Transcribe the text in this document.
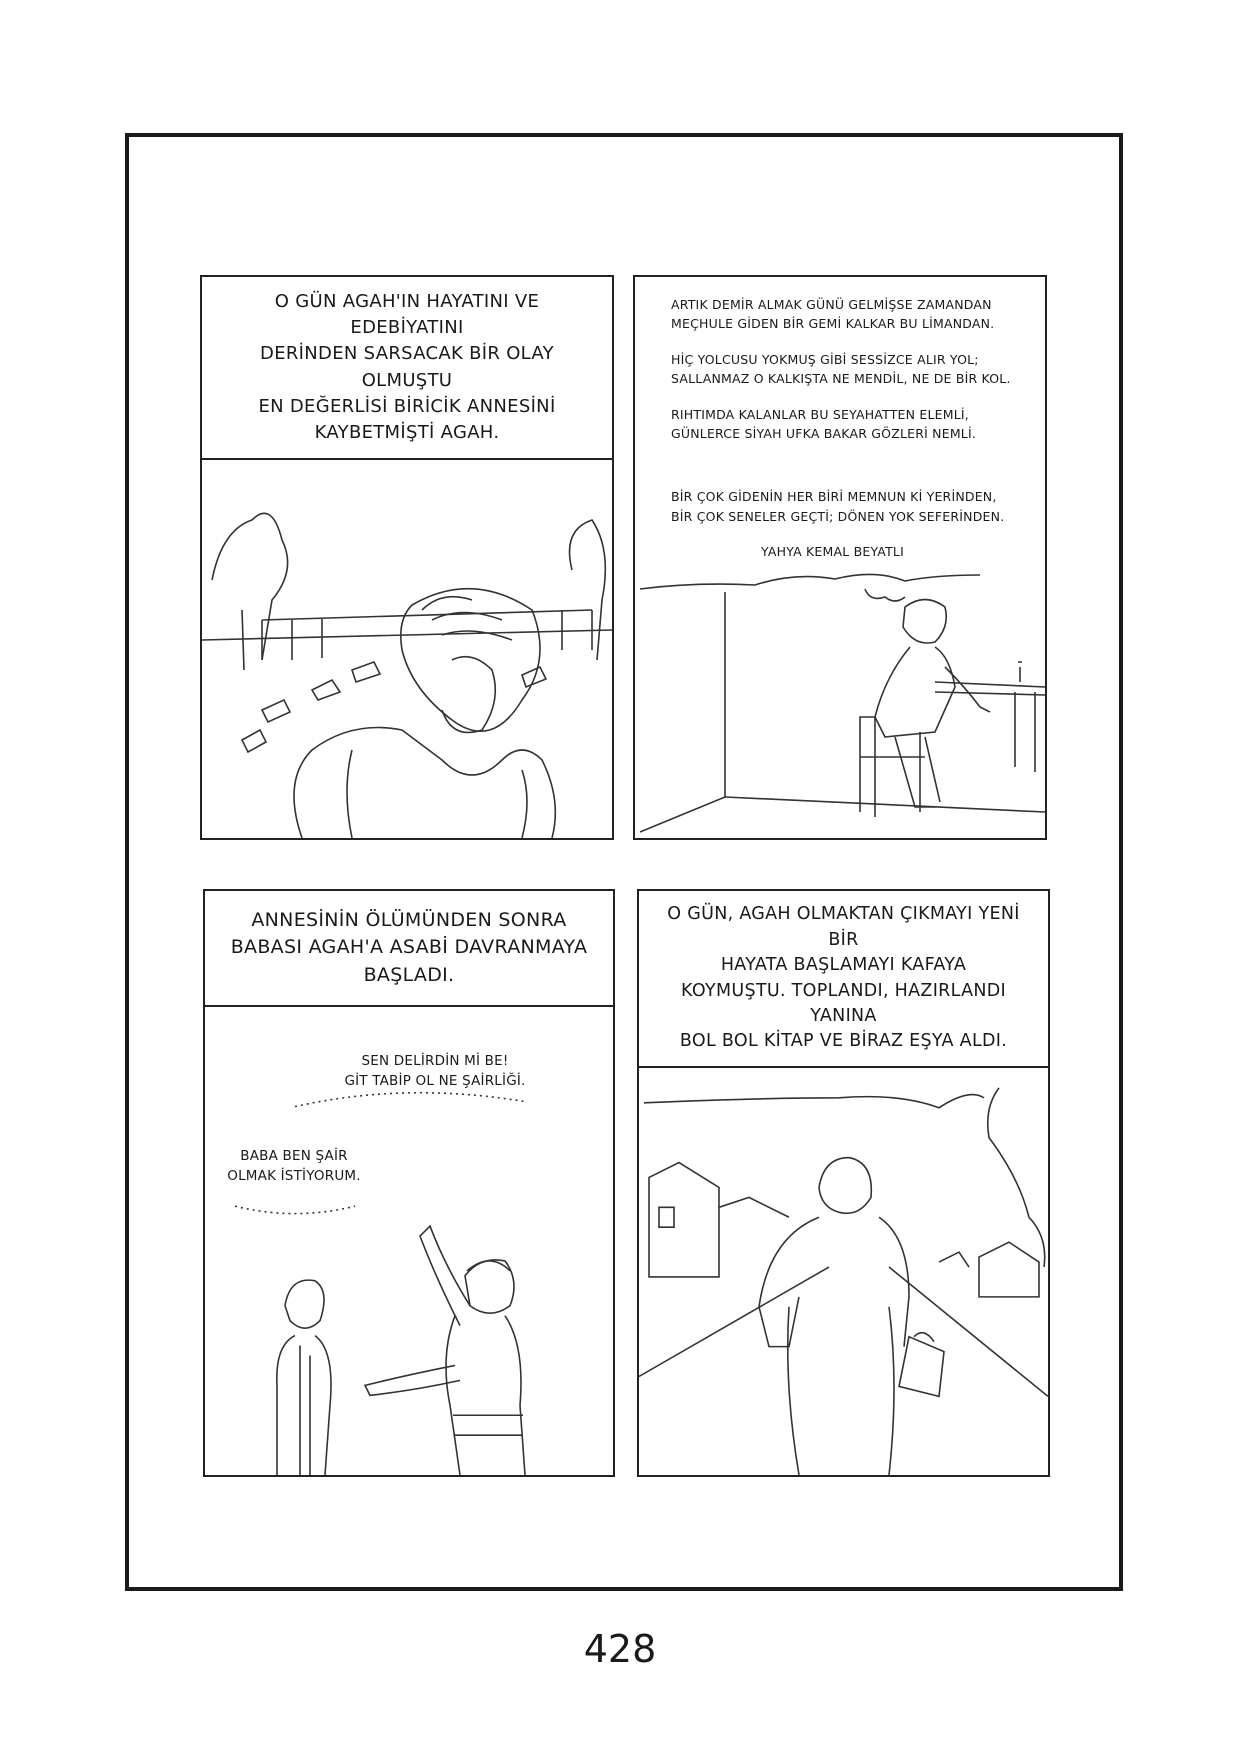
O GÜN AGAH'IN HAYATINI VE EDEBİYATINI
DERİNDEN SARSACAK BİR OLAY OLMUŞTU
EN DEĞERLİSİ BİRİCİK ANNESİNİ
KAYBETMİŞTİ AGAH.
ARTIK DEMİR ALMAK GÜNÜ GELMİŞSE ZAMANDAN
MEÇHULE GİDEN BİR GEMİ KALKAR BU LİMANDAN.
HİÇ YOLCUSU YOKMUŞ GİBİ SESSİZCE ALIR YOL;
SALLANMAZ O KALKIŞTA NE MENDİL, NE DE BİR KOL.
RIHTIMDA KALANLAR BU SEYAHATTEN ELEMLİ,
GÜNLERCE SİYAH UFKA BAKAR GÖZLERİ NEMLİ.
BİR ÇOK GİDENİN HER BİRİ MEMNUN Kİ YERİNDEN,
BİR ÇOK SENELER GEÇTİ; DÖNEN YOK SEFERİNDEN.
YAHYA KEMAL BEYATLI
ANNESİNİN ÖLÜMÜNDEN SONRA
BABASI AGAH'A ASABİ DAVRANMAYA
BAŞLADI.
SEN DELİRDİN Mİ BE!
GİT TABİP OL NE ŞAİRLİĞİ.
BABA BEN ŞAİR
OLMAK İSTİYORUM.
O GÜN, AGAH OLMAKTAN ÇIKMAYI YENİ BİR
HAYATA BAŞLAMAYI KAFAYA
KOYMUŞTU. TOPLANDI, HAZIRLANDI YANINA
BOL BOL KİTAP VE BİRAZ EŞYA ALDI.
428
